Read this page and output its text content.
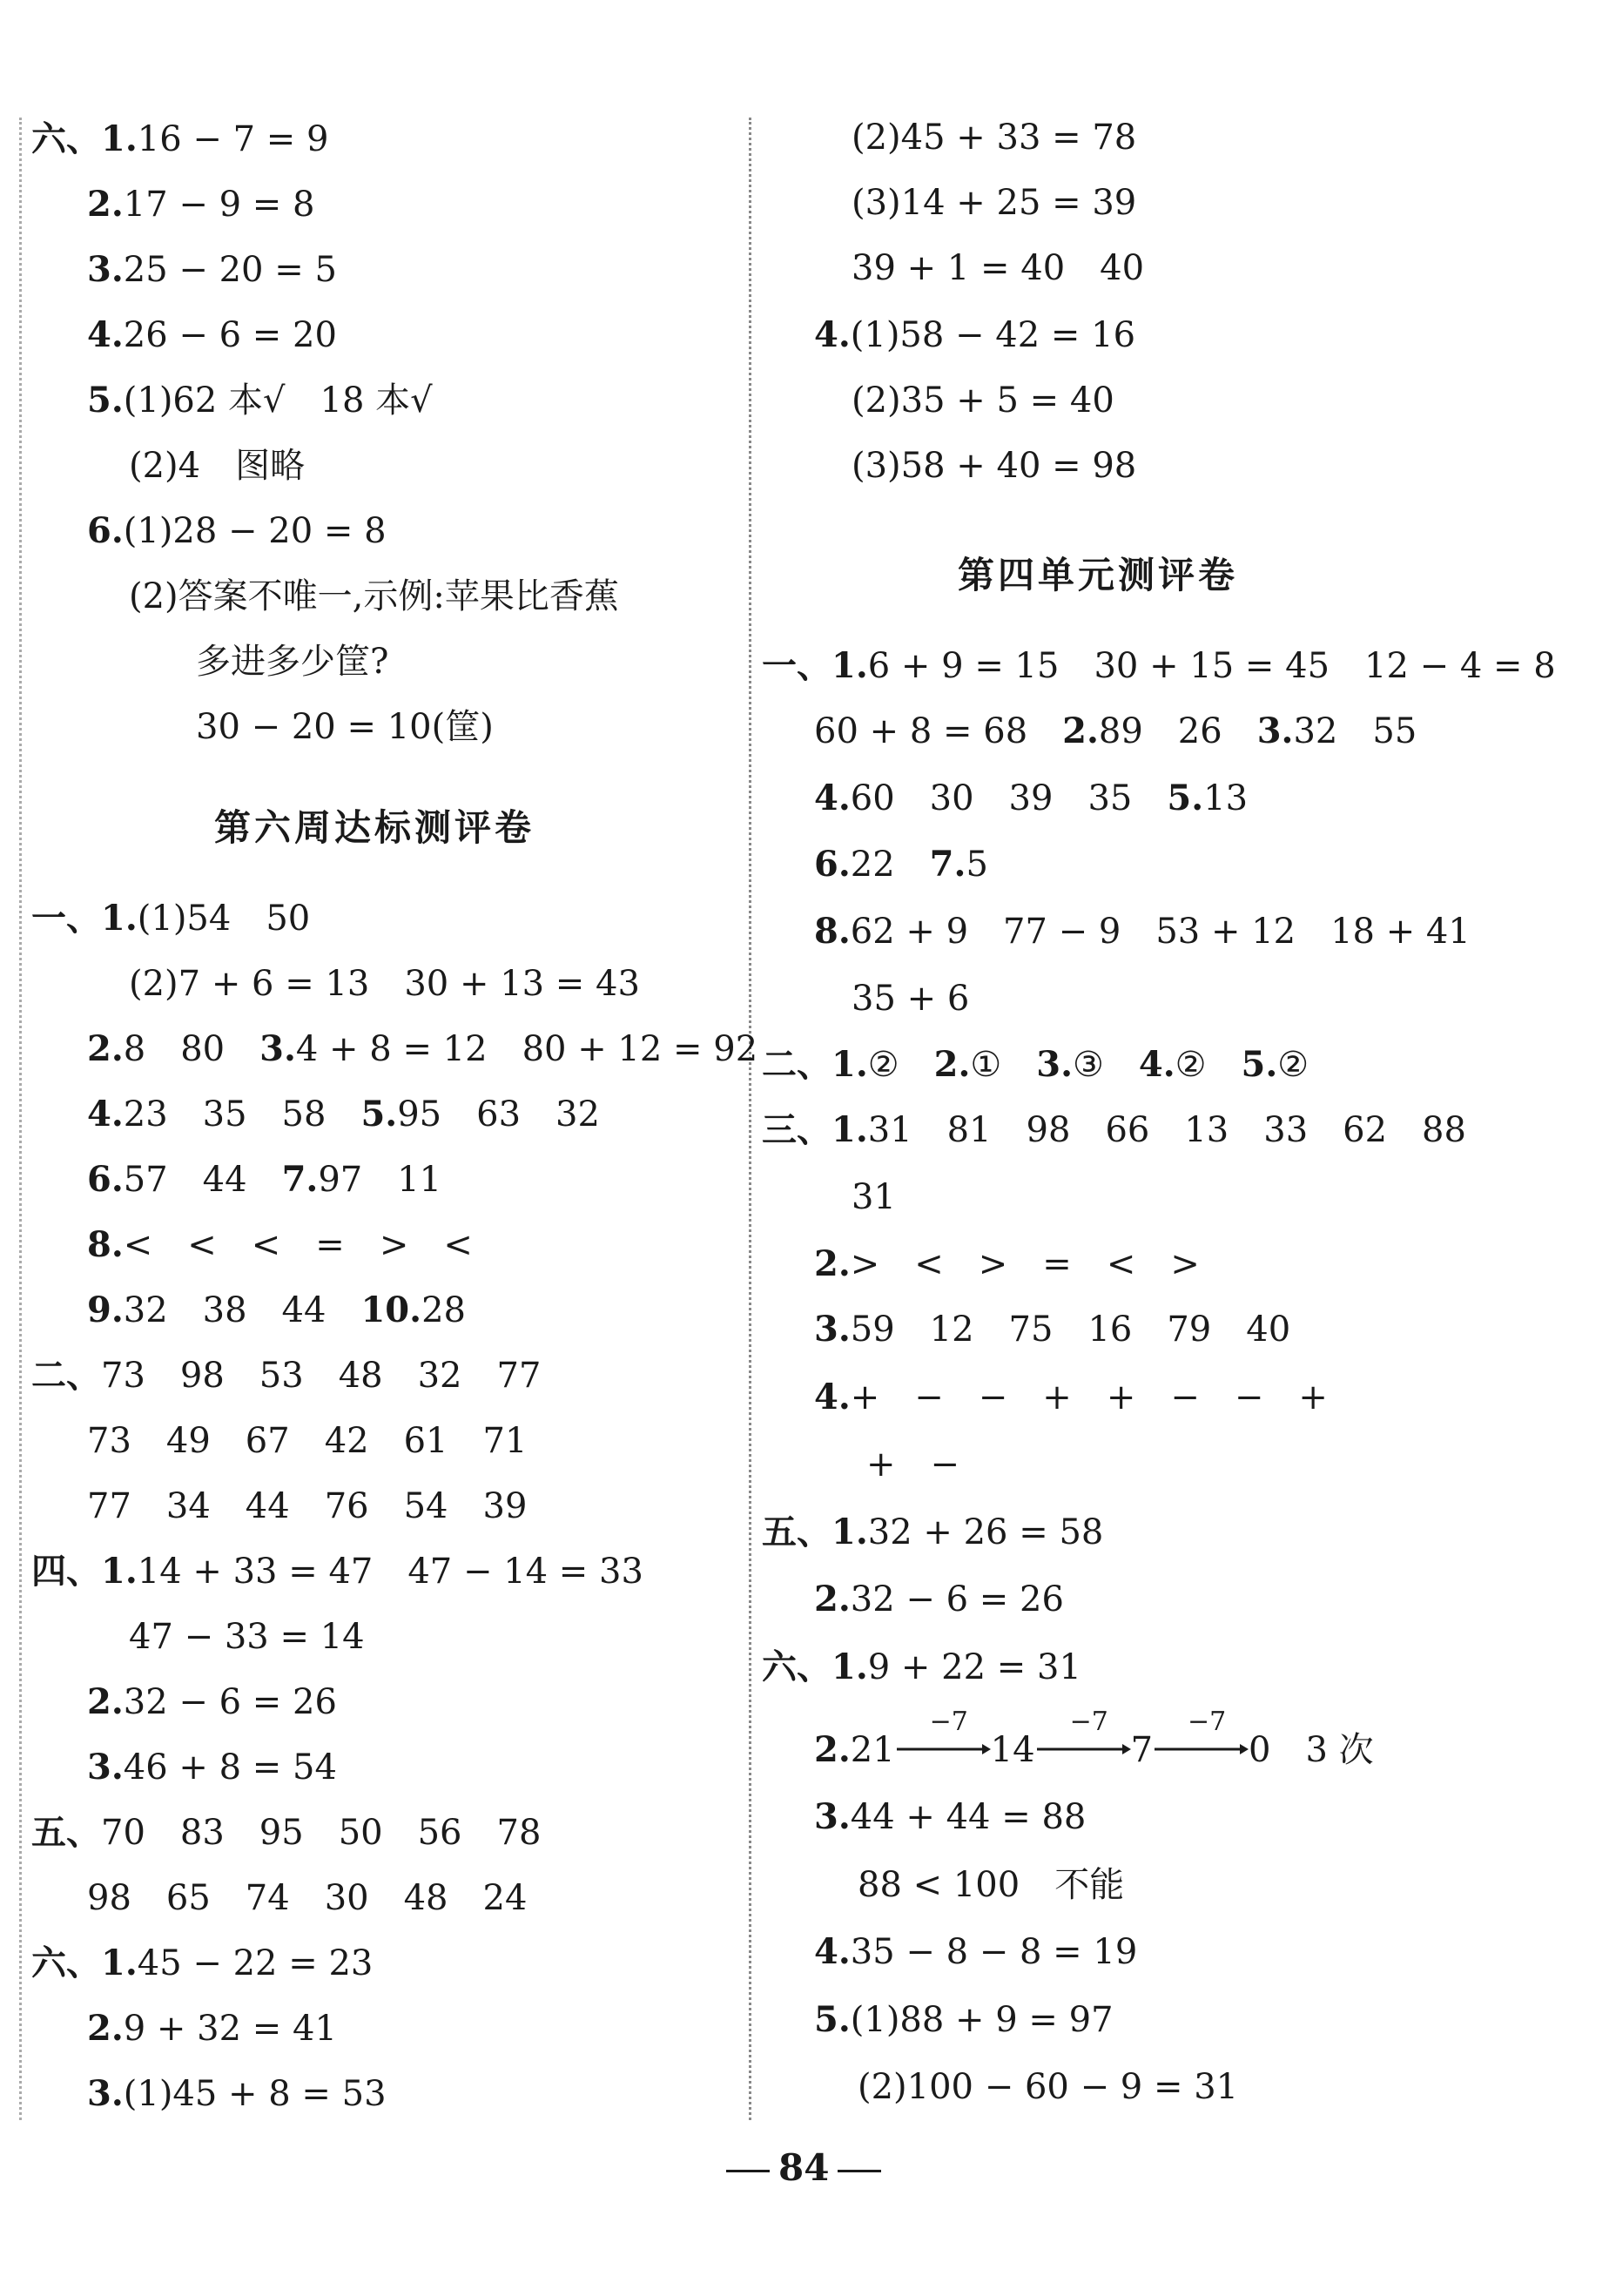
六、1.16 − 7 = 9
2.17 − 9 = 8
3.25 − 20 = 5
4.26 − 6 = 20
5.(1)62 本√　18 本√
(2)4　图略
6.(1)28 − 20 = 8
(2)答案不唯一,示例:苹果比香蕉
多进多少筐?
30 − 20 = 10(筐)
第六周达标测评卷
一、1.(1)54　50
(2)7 + 6 = 13　30 + 13 = 43
2.8　80　3.4 + 8 = 12　80 + 12 = 92
4.23　35　58　5.95　63　32
6.57　44　7.97　11
8.<　<　<　=　>　<
9.32　38　44　10.28
二、73　98　53　48　32　77
73　49　67　42　61　71
77　34　44　76　54　39
四、1.14 + 33 = 47　47 − 14 = 33
47 − 33 = 14
2.32 − 6 = 26
3.46 + 8 = 54
五、70　83　95　50　56　78
98　65　74　30　48　24
六、1.45 − 22 = 23
2.9 + 32 = 41
3.(1)45 + 8 = 53
(2)45 + 33 = 78
(3)14 + 25 = 39
39 + 1 = 40　40
4.(1)58 − 42 = 16
(2)35 + 5 = 40
(3)58 + 40 = 98
第四单元测评卷
一、1.6 + 9 = 15　30 + 15 = 45　12 − 4 = 8
60 + 8 = 68　2.89　26　3.32　55
4.60　30　39　35　5.13
6.22　7.5
8.62 + 9　77 − 9　53 + 12　18 + 41
35 + 6
二、1.②　2.①　3.③　4.②　5.②
三、1.31　81　98　66　13　33　62　88
31
2.>　<　>　=　<　>
3.59　12　75　16　79　40
4.+　−　−　+　+　−　−　+
+　−
五、1.32 + 26 = 58
2.32 − 6 = 26
六、1.9 + 22 = 31
2.21
−7
14
−7
7
−7
0　 3 次
3.44 + 44 = 88
88 < 100　不能
4.35 − 8 − 8 = 19
5.(1)88 + 9 = 97
(2)100 − 60 − 9 = 31
84
